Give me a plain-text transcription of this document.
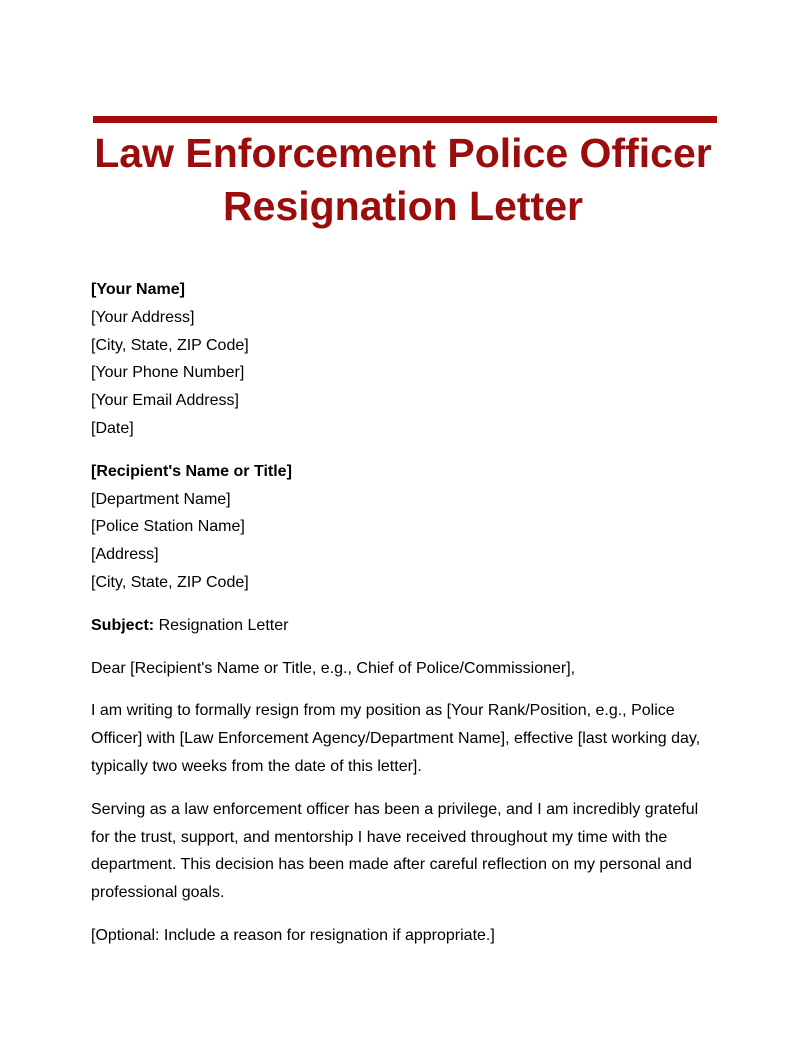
Law Enforcement Police Officer
Resignation Letter
[Your Name]
[Your Address]
[City, State, ZIP Code]
[Your Phone Number]
[Your Email Address]
[Date]
[Recipient's Name or Title]
[Department Name]
[Police Station Name]
[Address]
[City, State, ZIP Code]

Subject: Resignation Letter

Dear [Recipient's Name or Title, e.g., Chief of Police/Commissioner],

I am writing to formally resign from my position as [Your Rank/Position, e.g., Police Officer] with [Law Enforcement Agency/Department Name], effective [last working day, typically two weeks from the date of this letter].

Serving as a law enforcement officer has been a privilege, and I am incredibly grateful for the trust, support, and mentorship I have received throughout my time with the department. This decision has been made after careful reflection on my personal and professional goals.

[Optional: Include a reason for resignation if appropriate.]
